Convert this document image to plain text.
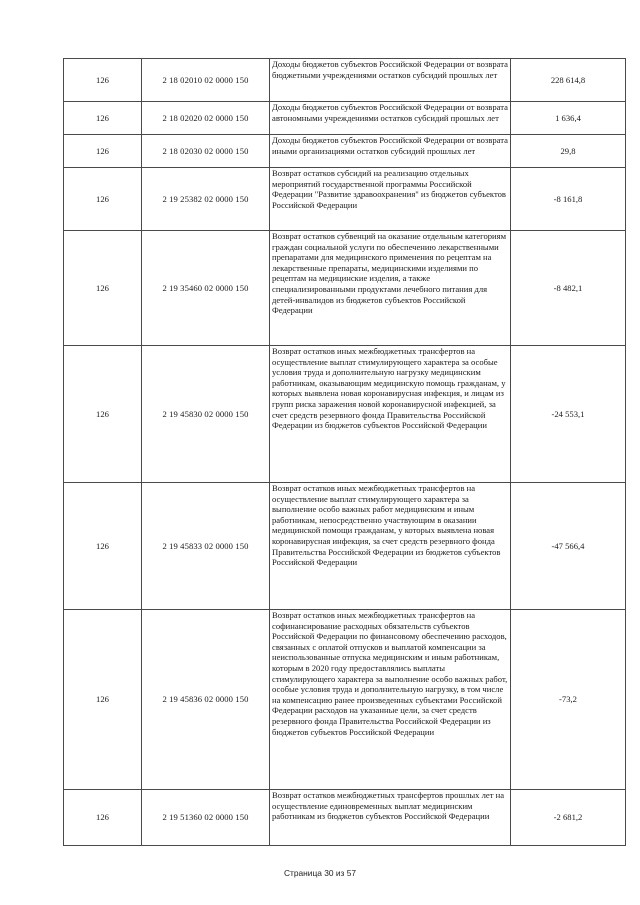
126	2 18 02010 02 0000 150	Доходы бюджетов субъектов Российской Федерации от возврата бюджетными учреждениями остатков субсидий прошлых лет	228 614,8
126	2 18 02020 02 0000 150	Доходы бюджетов субъектов Российской Федерации от возврата автономными учреждениями остатков субсидий прошлых лет	1 636,4
126	2 18 02030 02 0000 150	Доходы бюджетов субъектов Российской Федерации от возврата иными организациями остатков субсидий прошлых лет	29,8
126	2 19 25382 02 0000 150	Возврат остатков субсидий на реализацию отдельных мероприятий государственной программы Российской Федерации "Развитие здравоохранения" из бюджетов субъектов Российской Федерации	-8 161,8
126	2 19 35460 02 0000 150	Возврат остатков субвенций на оказание отдельным категориям граждан социальной услуги по обеспечению лекарственными препаратами для медицинского применения по рецептам на лекарственные препараты, медицинскими изделиями по рецептам на медицинские изделия, а также специализированными продуктами лечебного питания для детей-инвалидов из бюджетов субъектов Российской Федерации	-8 482,1
126	2 19 45830 02 0000 150	Возврат остатков иных межбюджетных трансфертов на осуществление выплат стимулирующего характера за особые условия труда и дополнительную нагрузку медицинским работникам, оказывающим медицинскую помощь гражданам, у которых выявлена новая коронавирусная инфекция, и лицам из групп риска заражения новой коронавирусной инфекцией, за счет средств резервного фонда Правительства Российской Федерации из бюджетов субъектов Российской Федерации	-24 553,1
126	2 19 45833 02 0000 150	Возврат остатков иных межбюджетных трансфертов на осуществление выплат стимулирующего характера за выполнение особо важных работ медицинским и иным работникам, непосредственно участвующим в оказании медицинской помощи гражданам, у которых выявлена новая коронавирусная инфекция, за счет средств резервного фонда Правительства Российской Федерации из бюджетов субъектов Российской Федерации	-47 566,4
126	2 19 45836 02 0000 150	Возврат остатков иных межбюджетных трансфертов на софинансирование расходных обязательств субъектов Российской Федерации по финансовому обеспечению расходов, связанных с оплатой отпусков и выплатой компенсации за неиспользованные отпуска медицинским и иным работникам, которым в 2020 году предоставлялись выплаты стимулирующего характера за выполнение особо важных работ, особые условия труда и дополнительную нагрузку, в том числе на компенсацию ранее произведенных субъектами Российской Федерации расходов на указанные цели, за счет средств резервного фонда Правительства Российской Федерации из бюджетов субъектов Российской Федерации	-73,2
126	2 19 51360 02 0000 150	Возврат остатков межбюджетных трансфертов прошлых лет на осуществление единовременных выплат медицинским работникам из бюджетов субъектов Российской Федерации	-2 681,2
Страница 30 из 57
